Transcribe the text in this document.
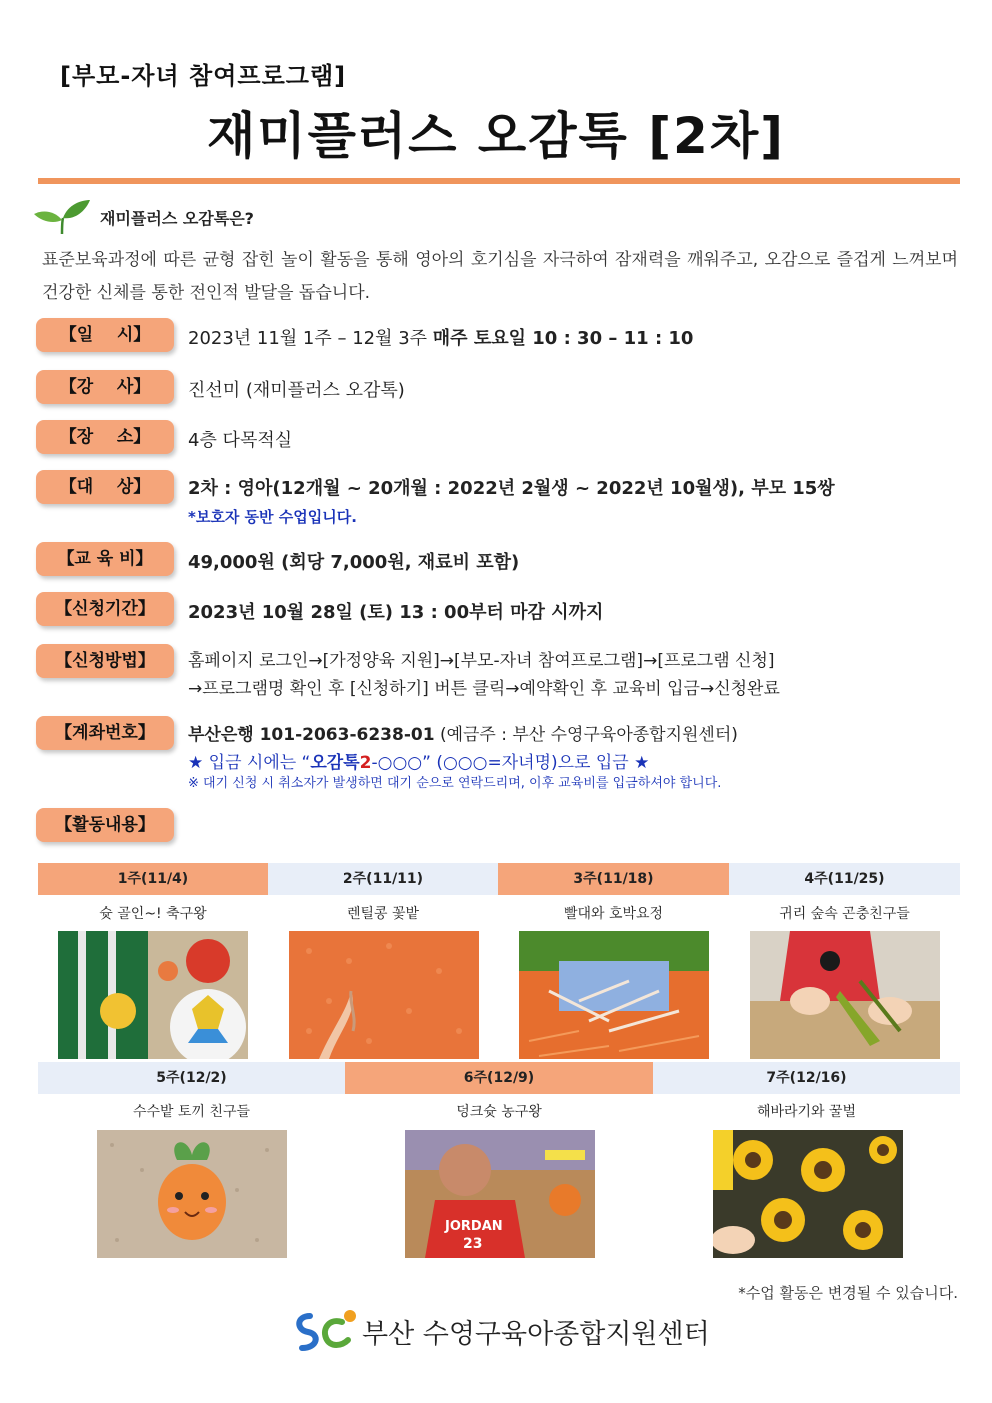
[부모-자녀 참여프로그램]
재미플러스 오감톡 [2차]
재미플러스 오감톡은?
표준보육과정에 따른 균형 잡힌 놀이 활동을 통해 영아의 호기심을 자극하여 잠재력을 깨워주고, 오감으로 즐겁게 느껴보며 건강한 신체를 통한 전인적 발달을 돕습니다.
【일    시】	2023년 11월 1주 – 12월 3주 매주 토요일 10 : 30 – 11 : 10
【강    사】	진선미 (재미플러스 오감톡)
【장    소】	4층 다목적실
【대    상】	2차 : 영아(12개월 ~ 20개월 : 2022년 2월생 ~ 2022년 10월생), 부모 15쌍
*보호자 동반 수업입니다.
【교 육 비】	49,000원 (회당 7,000원, 재료비 포함)
【신청기간】	2023년 10월 28일 (토) 13 : 00부터 마감 시까지
【신청방법】	홈페이지 로그인→[가정양육 지원]→[부모-자녀 참여프로그램]→[프로그램 신청]
→프로그램명 확인 후 [신청하기] 버튼 클릭→예약확인 후 교육비 입금→신청완료
【계좌번호】	부산은행 101-2063-6238-01 (예금주 : 부산 수영구육아종합지원센터)
★ 입금 시에는 “오감톡2-○○○” (○○○=자녀명)으로 입금 ★
※ 대기 신청 시 취소자가 발생하면 대기 순으로 연락드리며, 이후 교육비를 입금하셔야 합니다.
【활동내용】
1주(11/4)	2주(11/11)	3주(11/18)	4주(11/25)
슛 골인~! 축구왕	렌틸콩 꽃밭	빨대와 호박요정	귀리 숲속 곤충친구들
5주(12/2)	6주(12/9)	7주(12/16)
수수밭 토끼 친구들	덩크슛 농구왕	해바라기와 꿀벌
JORDAN
23
*수업 활동은 변경될 수 있습니다.
부산 수영구육아종합지원센터
